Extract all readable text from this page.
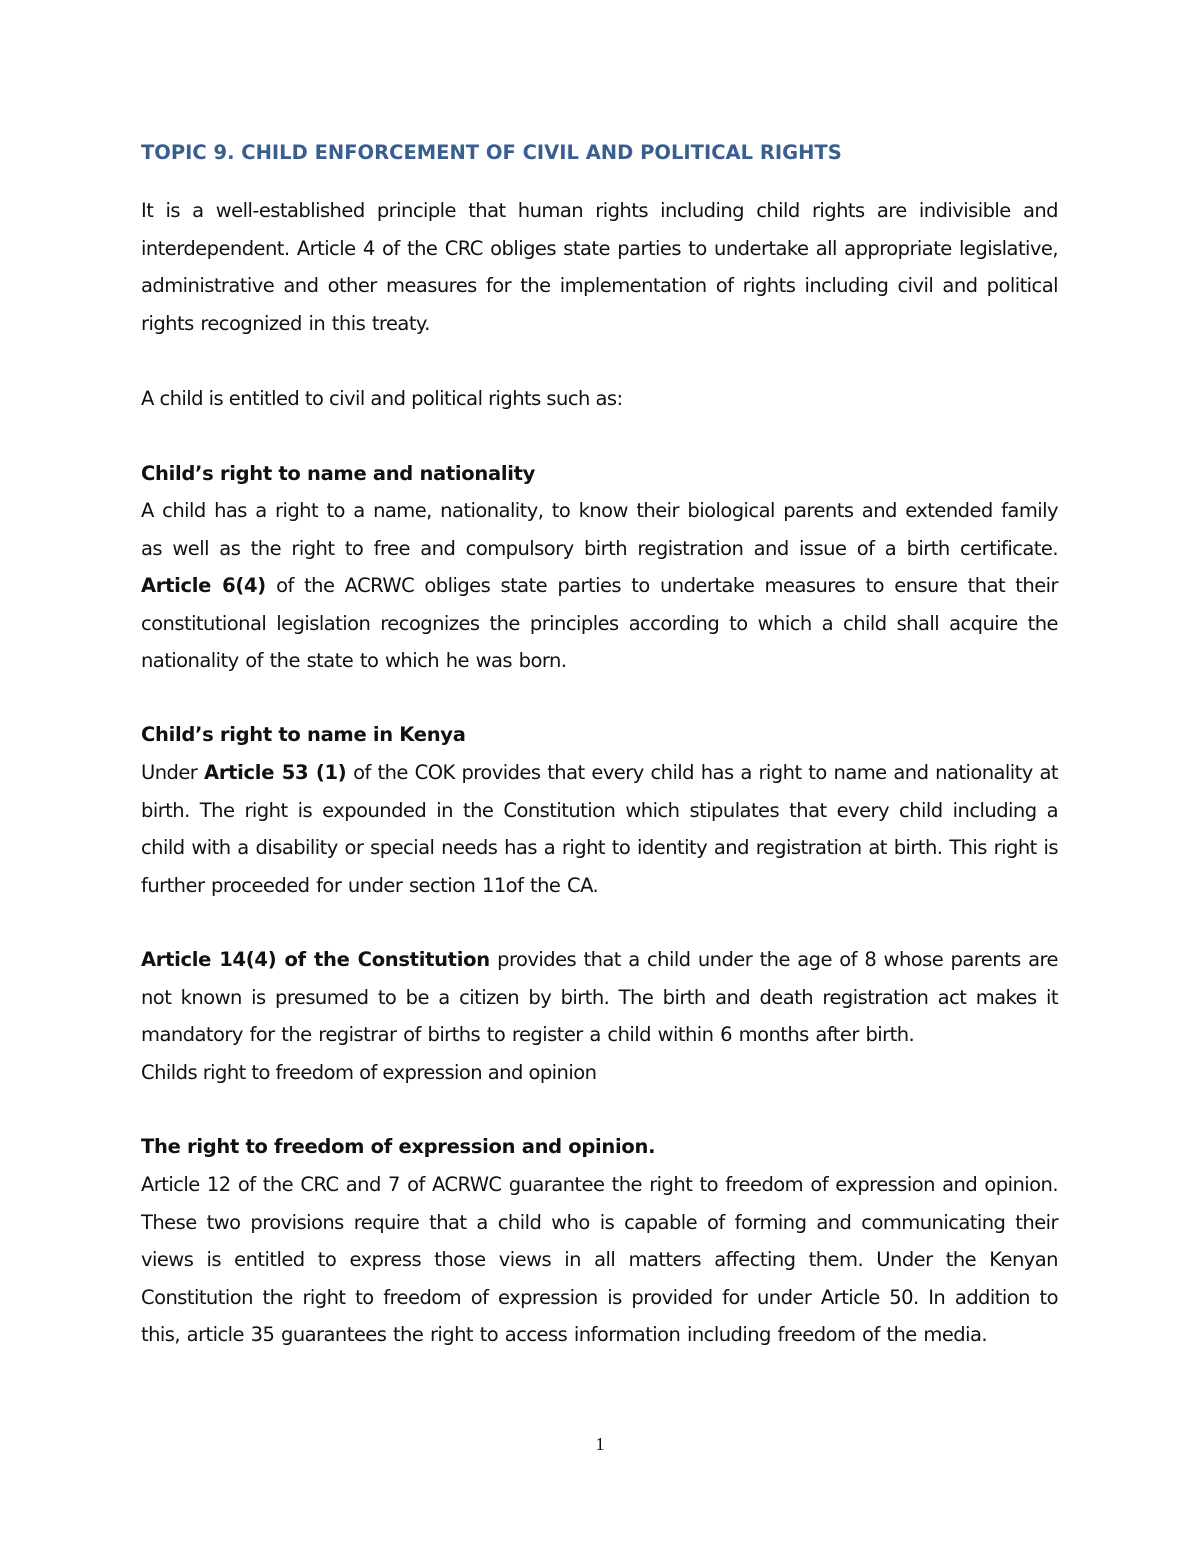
TOPIC 9. CHILD ENFORCEMENT OF CIVIL AND POLITICAL RIGHTS
It is a well-established principle that human rights including child rights are indivisible and interdependent. Article 4 of the CRC obliges state parties to undertake all appropriate legislative, administrative and other measures for the implementation of rights including civil and political rights recognized in this treaty.
A child is entitled to civil and political rights such as:
Child’s right to name and nationality
A child has a right to a name, nationality, to know their biological parents and extended family as well as the right to free and compulsory birth registration and issue of a birth certificate. Article 6(4) of the ACRWC obliges state parties to undertake measures to ensure that their constitutional legislation recognizes the principles according to which a child shall acquire the nationality of the state to which he was born.
Child’s right to name in Kenya
Under Article 53 (1) of the COK provides that every child has a right to name and nationality at birth. The right is expounded in the Constitution which stipulates that every child including a child with a disability or special needs has a right to identity and registration at birth. This right is further proceeded for under section 11of the CA.
Article 14(4) of the Constitution provides that a child under the age of 8 whose parents are not known is presumed to be a citizen by birth. The birth and death registration act makes it mandatory for the registrar of births to register a child within 6 months after birth.
Childs right to freedom of expression and opinion
The right to freedom of expression and opinion.
Article 12 of the CRC and 7 of ACRWC guarantee the right to freedom of expression and opinion. These two provisions require that a child who is capable of forming and communicating their views is entitled to express those views in all matters affecting them. Under the Kenyan Constitution the right to freedom of expression is provided for under Article 50. In addition to this, article 35 guarantees the right to access information including freedom of the media.
1
